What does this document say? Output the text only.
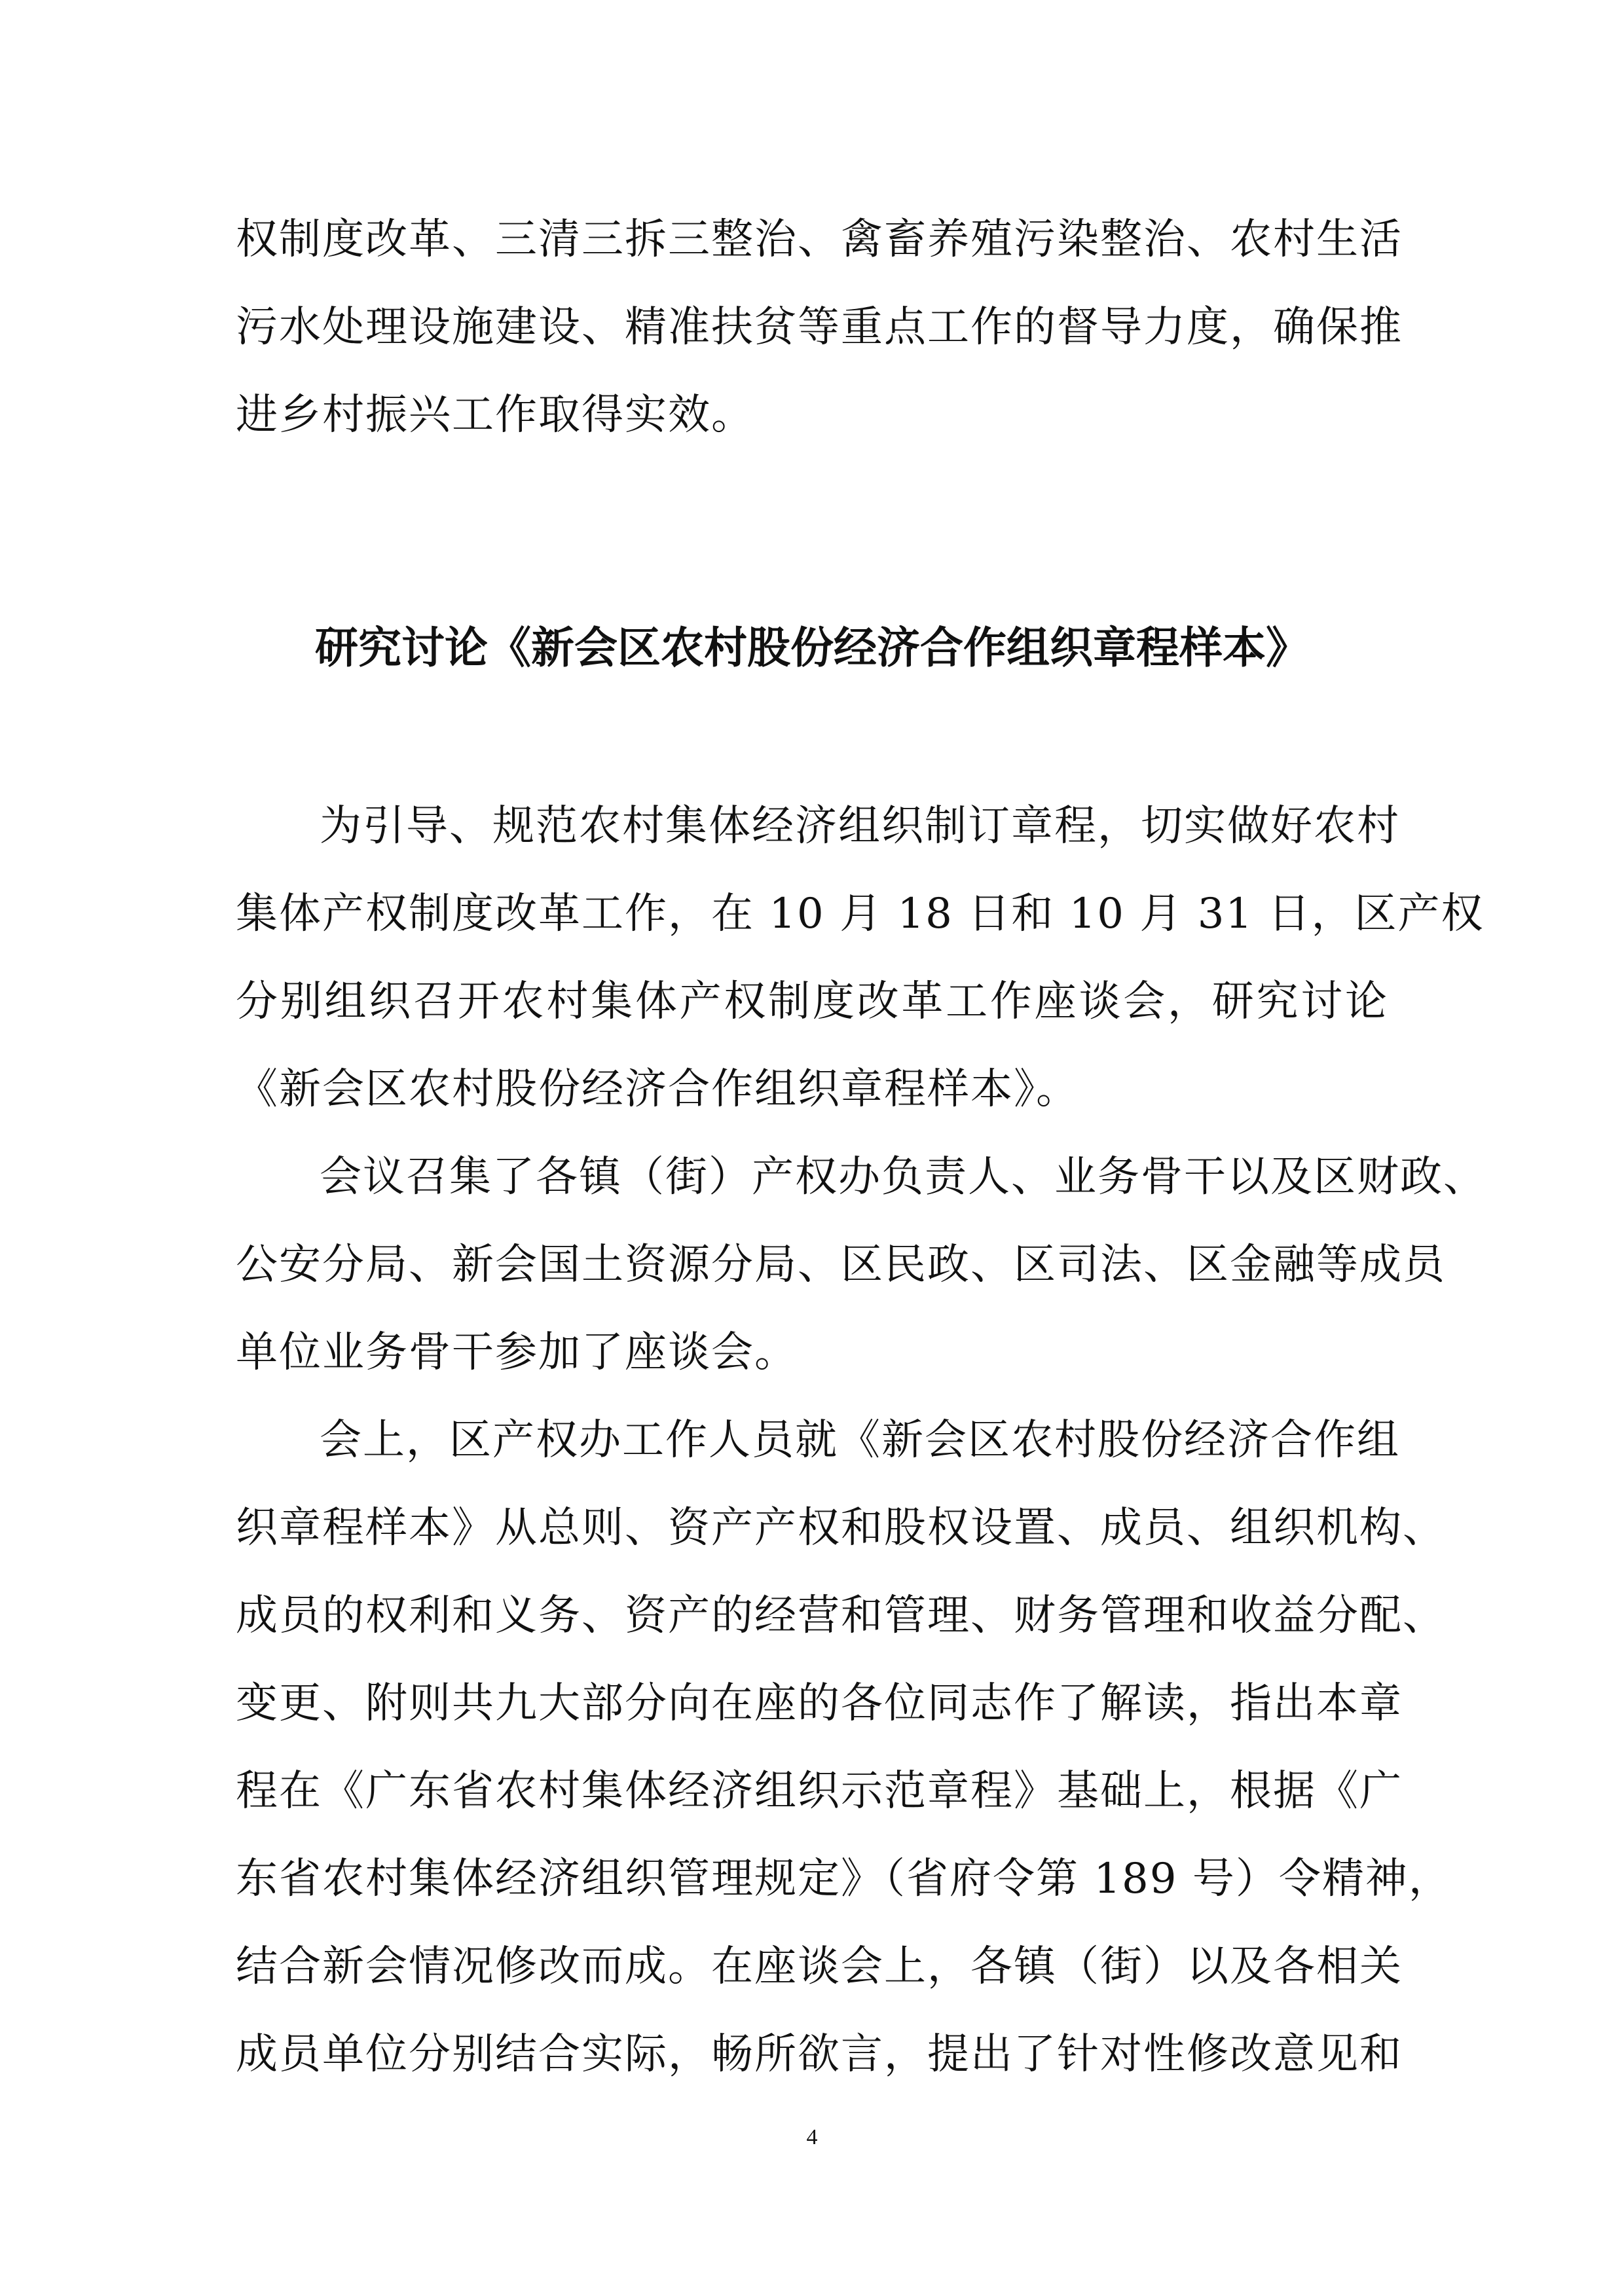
权制度改革、三清三拆三整治、禽畜养殖污染整治、农村生活
污水处理设施建设、精准扶贫等重点工作的督导力度，确保推
进乡村振兴工作取得实效。
研究讨论《新会区农村股份经济合作组织章程样本》
为引导、规范农村集体经济组织制订章程，切实做好农村
集体产权制度改革工作，在 10 月 18 日和 10 月 31 日，区产权
分别组织召开农村集体产权制度改革工作座谈会，研究讨论
《新会区农村股份经济合作组织章程样本》。
会议召集了各镇（街）产权办负责人、业务骨干以及区财政、
公安分局、新会国土资源分局、区民政、区司法、区金融等成员
单位业务骨干参加了座谈会。
会上，区产权办工作人员就《新会区农村股份经济合作组
织章程样本》从总则、资产产权和股权设置、成员、组织机构、
成员的权利和义务、资产的经营和管理、财务管理和收益分配、
变更、附则共九大部分向在座的各位同志作了解读，指出本章
程在《广东省农村集体经济组织示范章程》基础上，根据《广
东省农村集体经济组织管理规定》（省府令第 189 号）令精神，
结合新会情况修改而成。在座谈会上，各镇（街）以及各相关
成员单位分别结合实际，畅所欲言，提出了针对性修改意见和
4
